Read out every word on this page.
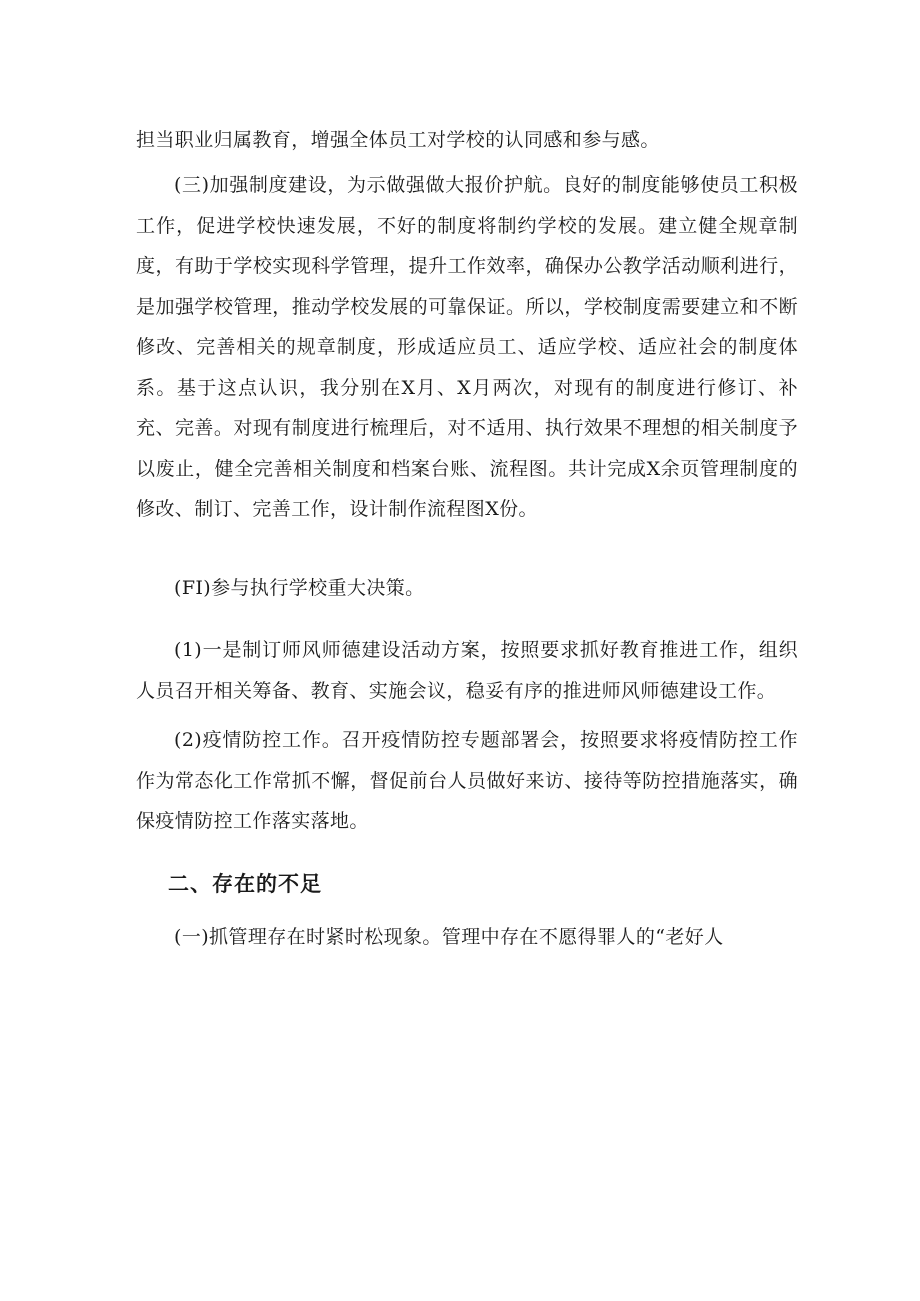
担当职业归属教育，增强全体员工对学校的认同感和参与感。

(三)加强制度建设，为示做强做大报价护航。良好的制度能够使员工积极工作，促进学校快速发展，不好的制度将制约学校的发展。建立健全规章制度，有助于学校实现科学管理，提升工作效率，确保办公教学活动顺利进行，是加强学校管理，推动学校发展的可靠保证。所以，学校制度需要建立和不断修改、完善相关的规章制度，形成适应员工、适应学校、适应社会的制度体系。基于这点认识，我分别在X月、X月两次，对现有的制度进行修订、补充、完善。对现有制度进行梳理后，对不适用、执行效果不理想的相关制度予以废止，健全完善相关制度和档案台账、流程图。共计完成X余页管理制度的修改、制订、完善工作，设计制作流程图X份。

(FI)参与执行学校重大决策。

(1)一是制订师风师德建设活动方案，按照要求抓好教育推进工作，组织人员召开相关筹备、教育、实施会议，稳妥有序的推进师风师德建设工作。

(2)疫情防控工作。召开疫情防控专题部署会，按照要求将疫情防控工作作为常态化工作常抓不懈，督促前台人员做好来访、接待等防控措施落实，确保疫情防控工作落实落地。

二、存在的不足

(一)抓管理存在时紧时松现象。管理中存在不愿得罪人的“老好人
